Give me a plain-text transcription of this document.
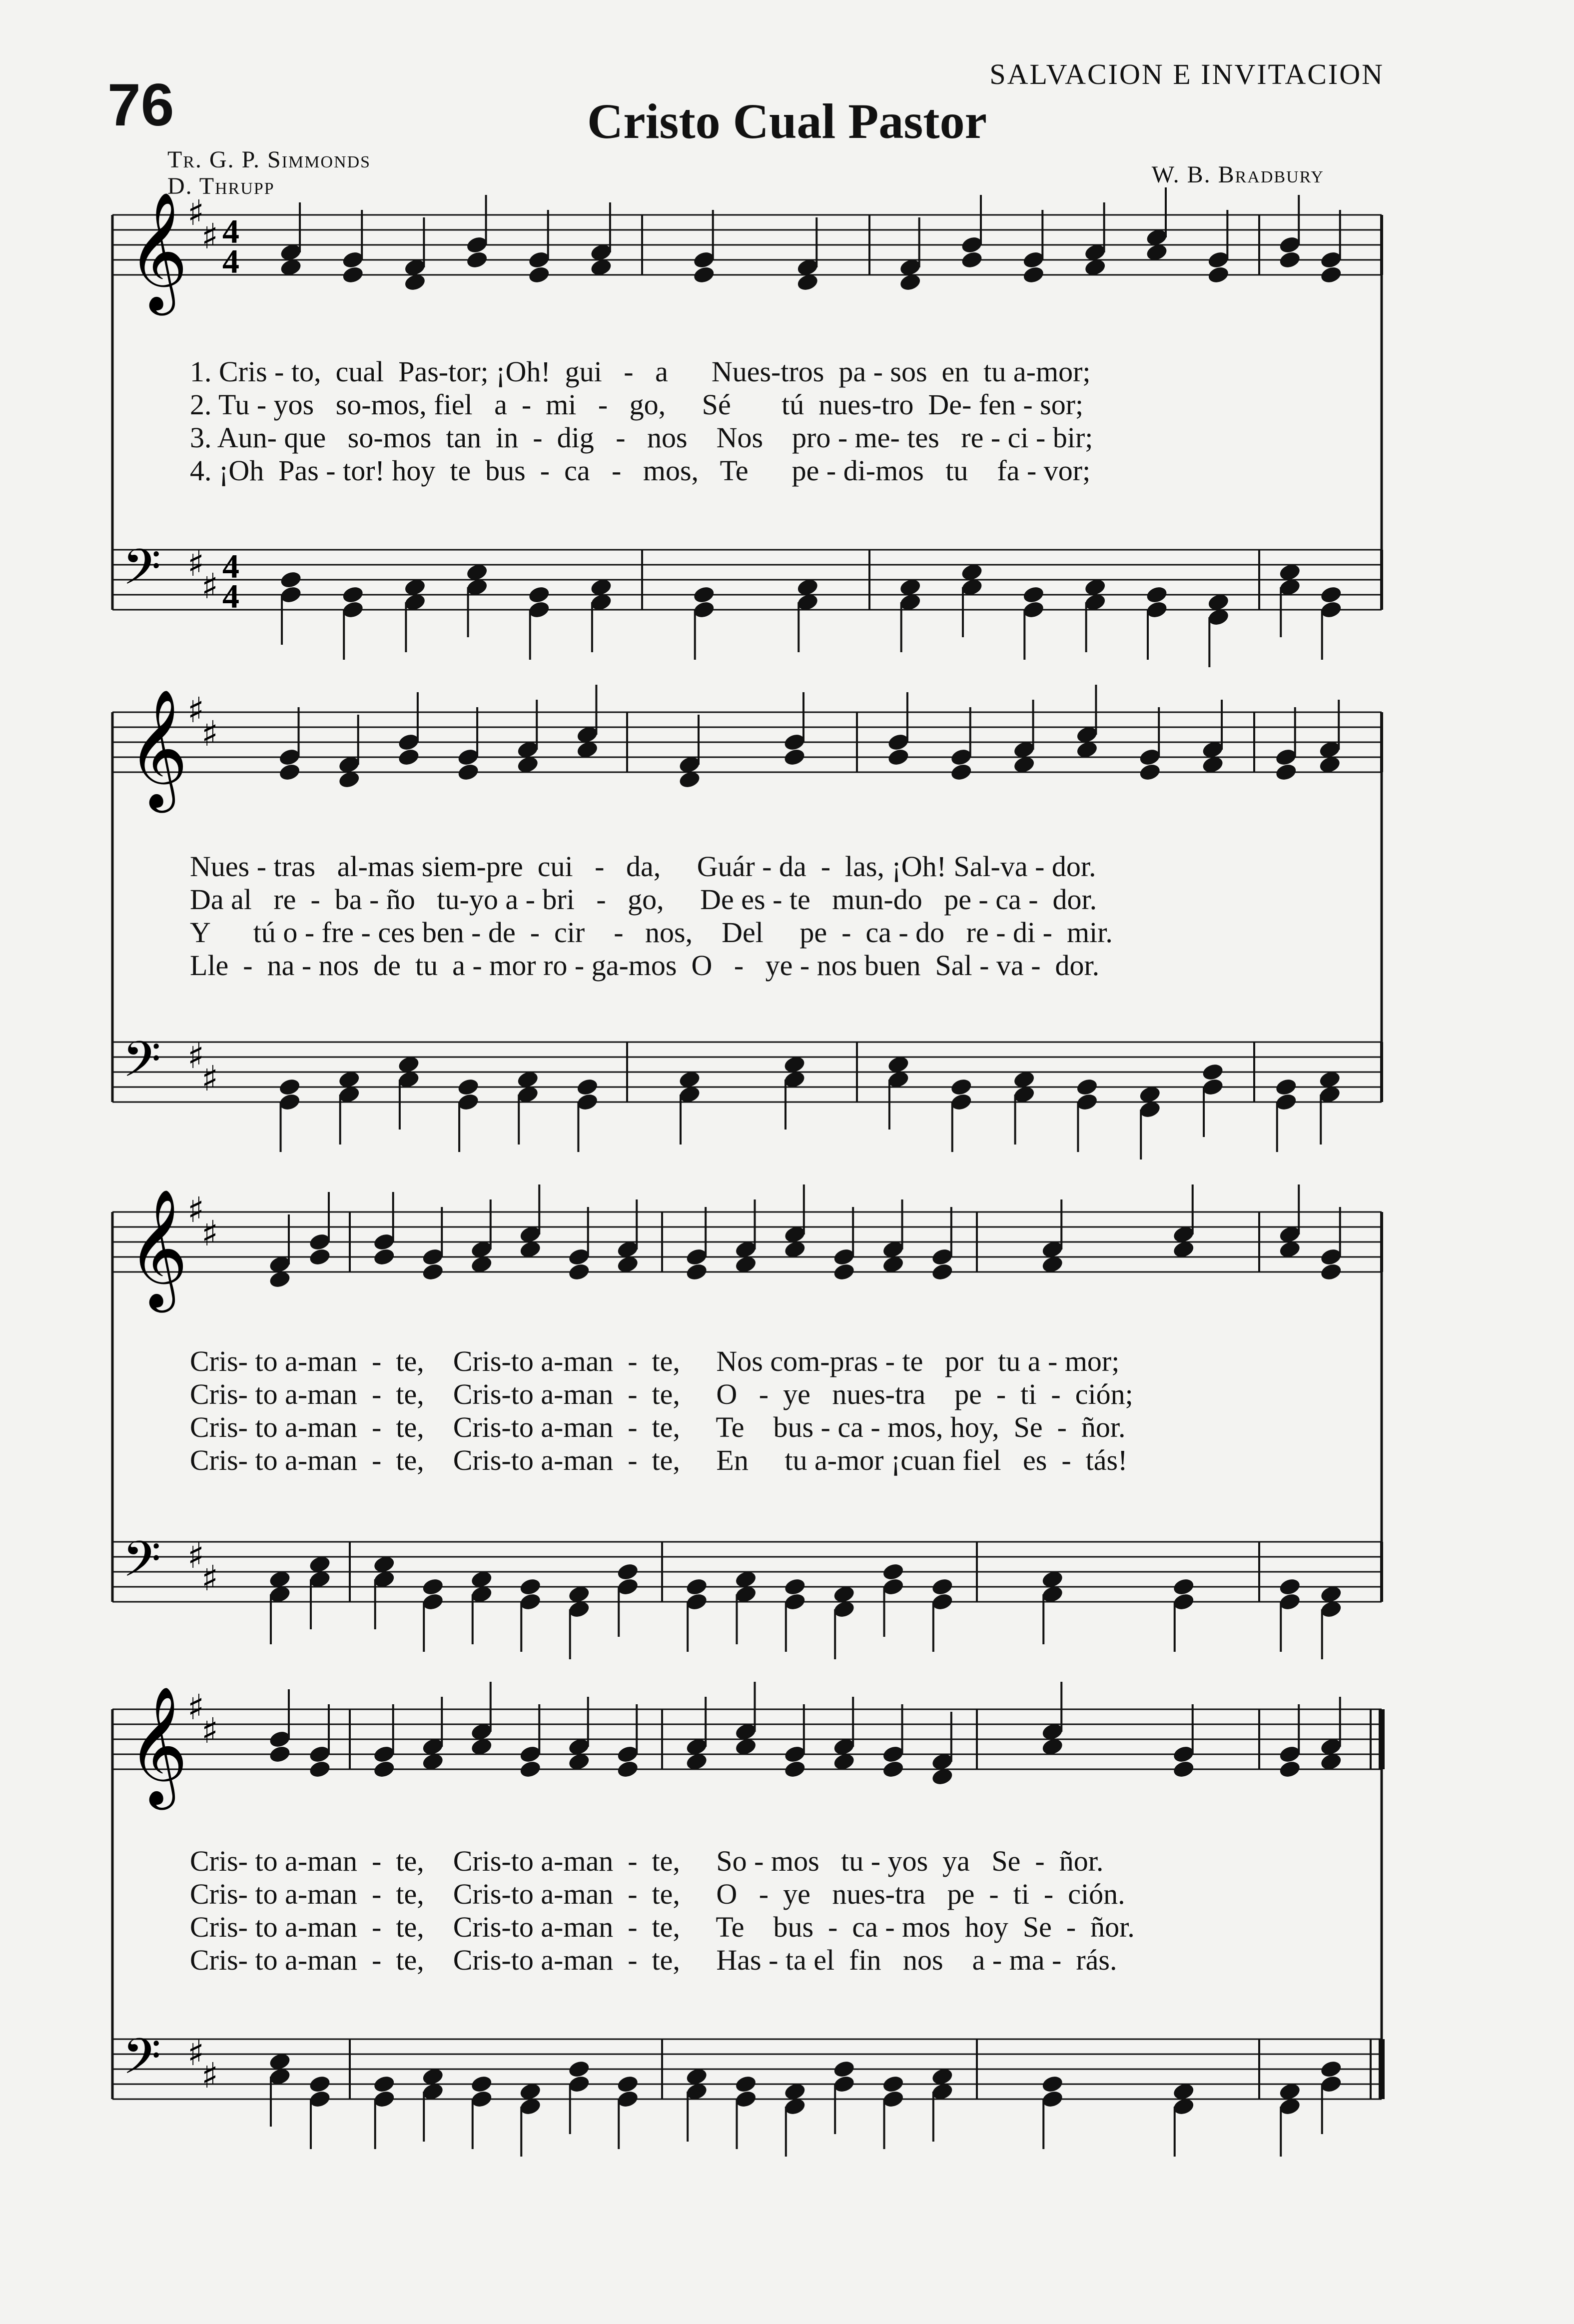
76	SALVACION E INVITACION
Cristo Cual Pastor
Tr. G. P. Simmonds
D. Thrupp	W. B. Bradbury
𝄞
♯
♯
𝄢 ♯
♯
4
4
4
4
1. Cris - to,  cual  Pas-tor; ¡Oh!  gui   -   a      Nues-tros  pa - sos  en  tu a-mor;
2. Tu - yos   so-mos, fiel   a  -  mi   -   go,     Sé       tú  nues-tro  De- fen - sor;
3. Aun- que   so-mos  tan  in  -  dig   -   nos    Nos    pro - me- tes   re - ci - bir;
4. ¡Oh  Pas - tor! hoy  te  bus  -  ca   -   mos,   Te      pe - di-mos   tu    fa - vor;
𝄞
♯
♯
𝄢 ♯
♯
Nues - tras   al-mas siem-pre  cui   -   da,     Guár - da  -  las, ¡Oh! Sal-va - dor.
Da al   re  -  ba - ño   tu-yo a - bri   -   go,     De es - te   mun-do   pe - ca -  dor.
Y      tú o - fre - ces ben - de  -  cir    -   nos,    Del     pe  -  ca - do   re - di -  mir.
Lle  -  na - nos  de  tu  a - mor ro - ga-mos  O   -   ye - nos buen  Sal - va -  dor.
𝄞
♯
♯
𝄢 ♯
♯
Cris- to a-man  -  te,    Cris-to a-man  -  te,     Nos com-pras - te   por  tu a - mor;
Cris- to a-man  -  te,    Cris-to a-man  -  te,     O   -  ye   nues-tra    pe  -  ti  -  ción;
Cris- to a-man  -  te,    Cris-to a-man  -  te,     Te    bus - ca - mos, hoy,  Se  -  ñor.
Cris- to a-man  -  te,    Cris-to a-man  -  te,     En     tu a-mor ¡cuan fiel   es  -  tás!
𝄞
♯
♯
𝄢 ♯
♯
Cris- to a-man  -  te,    Cris-to a-man  -  te,     So - mos   tu - yos  ya   Se  -  ñor.
Cris- to a-man  -  te,    Cris-to a-man  -  te,     O   -  ye   nues-tra   pe  -  ti  -  ción.
Cris- to a-man  -  te,    Cris-to a-man  -  te,     Te    bus  -  ca - mos  hoy  Se  -  ñor.
Cris- to a-man  -  te,    Cris-to a-man  -  te,     Has - ta el  fin   nos    a - ma -  rás.
